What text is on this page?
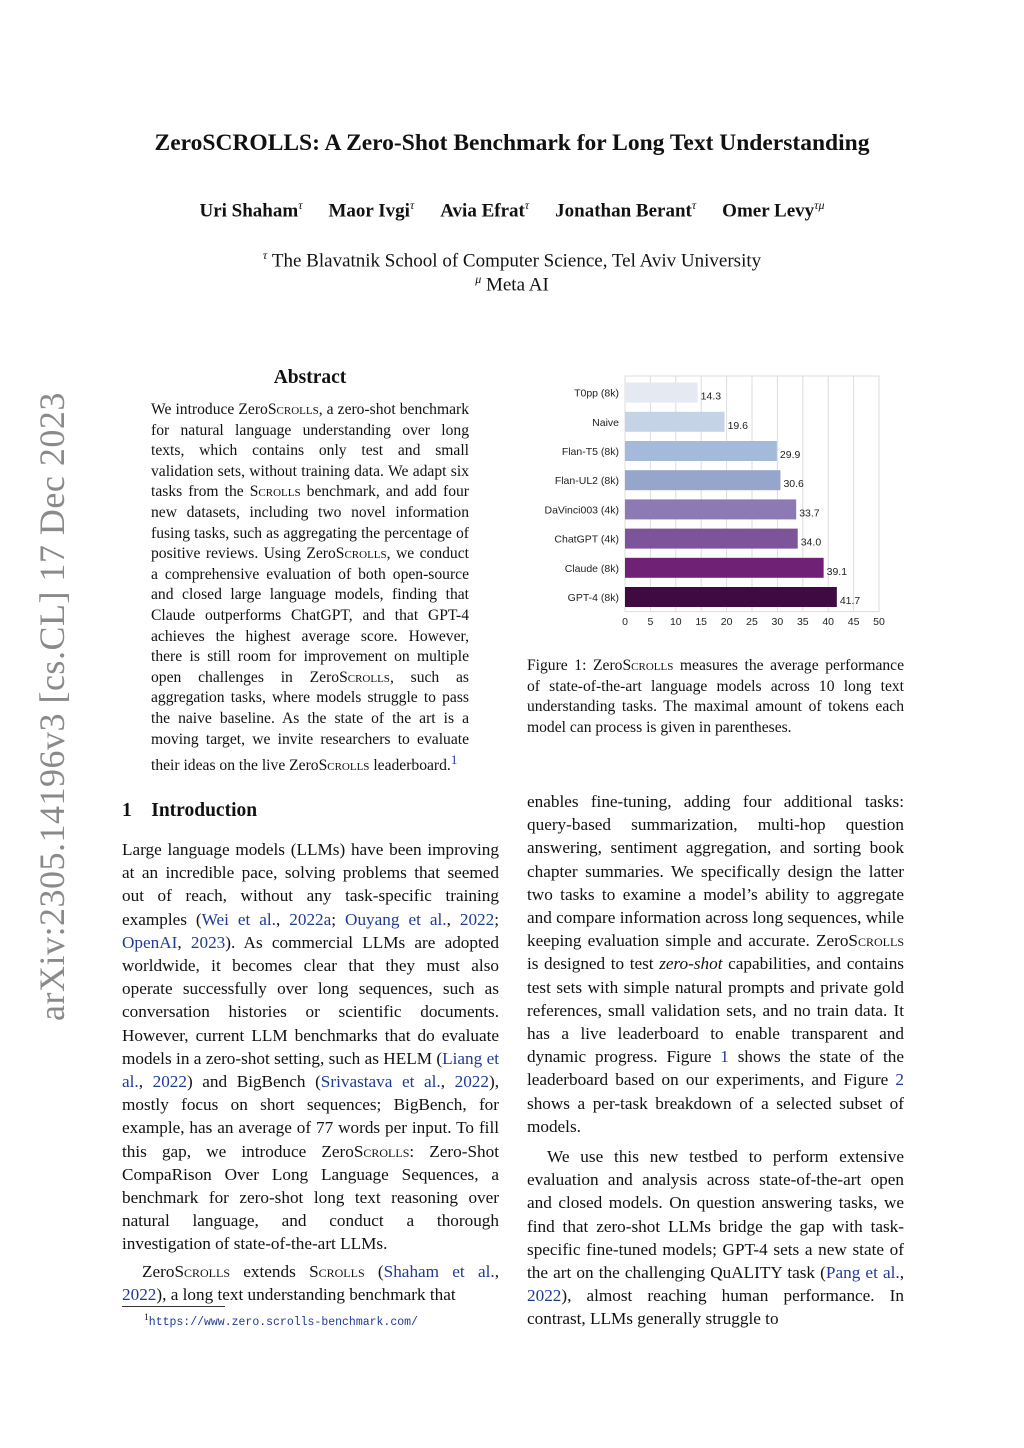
arXiv:2305.14196v3 [cs.CL] 17 Dec 2023
ZeroSCROLLS: A Zero-Shot Benchmark for Long Text Understanding
Uri Shaham$^\tau$ Maor Ivgi$^\tau$ Avia Efrat$^\tau$ Jonathan Berant$^\tau$ Omer Levy$^{\tau\mu}$
$^\tau$ The Blavatnik School of Computer Science, Tel Aviv University
$^\mu$ Meta AI
Abstract
We introduce ZeroScrolls, a zero-shot benchmark for natural language understanding over long texts, which contains only test and small validation sets, without training data. We adapt six tasks from the Scrolls benchmark, and add four new datasets, including two novel information fusing tasks, such as aggregating the percentage of positive reviews. Using ZeroScrolls, we conduct a comprehensive evaluation of both open-source and closed large language models, finding that Claude outperforms ChatGPT, and that GPT-4 achieves the highest average score. However, there is still room for improvement on multiple open challenges in ZeroScrolls, such as aggregation tasks, where models struggle to pass the naive baseline. As the state of the art is a moving target, we invite researchers to evaluate their ideas on the live ZeroScrolls leaderboard.$^1$
1 Introduction

Large language models (LLMs) have been improving at an incredible pace, solving problems that seemed out of reach, without any task-specific training examples (Wei et al., 2022a; Ouyang et al., 2022; OpenAI, 2023). As commercial LLMs are adopted worldwide, it becomes clear that they must also operate successfully over long sequences, such as conversation histories or scientific documents. However, current LLM benchmarks that do evaluate models in a zero-shot setting, such as HELM (Liang et al., 2022) and BigBench (Srivastava et al., 2022), mostly focus on short sequences; BigBench, for example, has an average of 77 words per input. To fill this gap, we introduce ZeroScrolls: Zero-Shot CompaRison Over Long Language Sequences, a benchmark for zero-shot long text reasoning over natural language, and conduct a thorough investigation of state-of-the-art LLMs.

ZeroScrolls extends Scrolls (Shaham et al., 2022), a long text understanding benchmark that

$^1$https://www.zero.scrolls-benchmark.com/
T0pp (8k)
Naive
Flan-T5 (8k)
Flan-UL2 (8k)
DaVinci003 (4k)
ChatGPT (4k)
Claude (8k)
GPT-4 (8k)
14.3
19.6
29.9
30.6
33.7
34.0
39.1
41.7
0 5 10 15 20 25 30 35 40 45 50
Figure 1: ZeroScrolls measures the average performance of state-of-the-art language models across 10 long text understanding tasks. The maximal amount of tokens each model can process is given in parentheses.

enables fine-tuning, adding four additional tasks: query-based summarization, multi-hop question answering, sentiment aggregation, and sorting book chapter summaries. We specifically design the latter two tasks to examine a model’s ability to aggregate and compare information across long sequences, while keeping evaluation simple and accurate. ZeroScrolls is designed to test zero-shot capabilities, and contains test sets with simple natural prompts and private gold references, small validation sets, and no train data. It has a live leaderboard to enable transparent and dynamic progress. Figure 1 shows the state of the leaderboard based on our experiments, and Figure 2 shows a per-task breakdown of a selected subset of models.

We use this new testbed to perform extensive evaluation and analysis across state-of-the-art open and closed models. On question answering tasks, we find that zero-shot LLMs bridge the gap with task-specific fine-tuned models; GPT-4 sets a new state of the art on the challenging QuALITY task (Pang et al., 2022), almost reaching human performance. In contrast, LLMs generally struggle to
